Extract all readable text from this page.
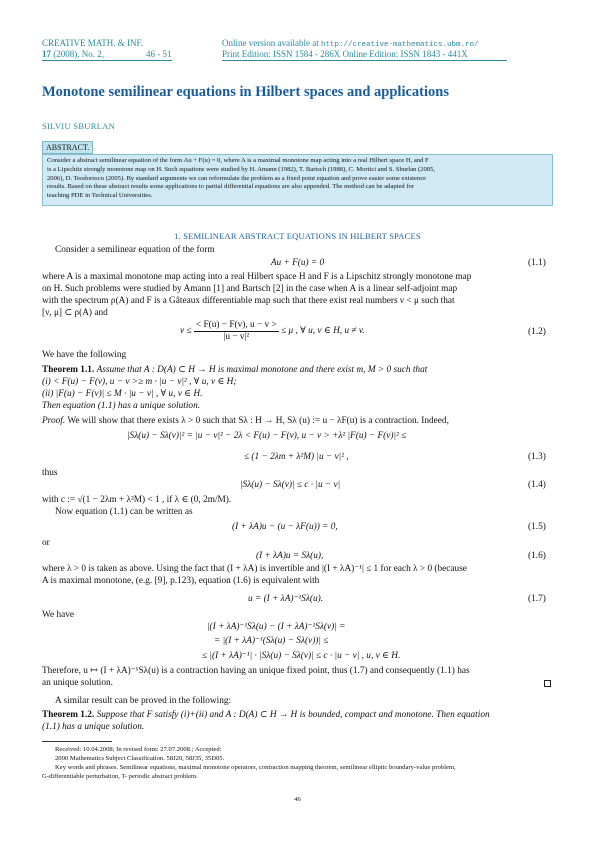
CREATIVE MATH. & INF.
17 (2008), No. 2,	46 - 51
Online version available at http://creative-mathematics.ubm.ro/
Print Edition: ISSN 1584 - 286X Online Edition: ISSN 1843 - 441X
Monotone semilinear equations in Hilbert spaces and applications
SILVIU SBURLAN
ABSTRACT.
Consider a abstract semilinear equation of the form Au + F(u) = 0, where A is a maximal monotone map acting into a real Hilbert space H, and F
is a Lipschitz strongly monotone map on H. Such equations were studied by H. Amann (1982), T. Bartsch (1988), C. Mortici and S. Sburlan (2005,
2006), D. Teodorescu (2005). By standard arguments we can reformulate the problem as a fixed point equation and prove easier some existence
results. Based on these abstract results some applications to partial differential equations are also appended. The method can be adapted for
teaching PDE in Technical Universities.
1. SEMILINEAR ABSTRACT EQUATIONS IN HILBERT SPACES
Consider a semilinear equation of the form
Au + F(u) = 0	(1.1)
where A is a maximal monotone map acting into a real Hilbert space H and F is a Lipschitz strongly monotone map
on H. Such problems were studied by Amann [1] and Bartsch [2] in the case when A is a linear self-adjoint map
with the spectrum ρ(A) and F is a Gâteaux differentiable map such that there exist real numbers ν < μ such that
[ν, μ] ⊂ ρ(A) and
$\nu \le \frac{< F(u) - F(v), u - v >}{\text{|u − v|²}} \le \mu$ , ∀ u, v ∈ H, u ≠ v.	(1.2)
We have the following
Theorem 1.1. Assume that A : D(A) ⊂ H → H is maximal monotone and there exist m, M > 0 such that
(i) < F(u) − F(v), u − v >≥ m · |u − v|² , ∀ u, v ∈ H;
(ii) |F(u) − F(v)| ≤ M · |u − v| , ∀ u, v ∈ H.
Then equation (1.1) has a unique solution.
Proof. We will show that there exists λ > 0 such that Sλ : H → H, Sλ (u) := u − λF(u) is a contraction. Indeed,
|Sλ(u) − Sλ(v)|² = |u − v|² − 2λ < F(u) − F(v), u − v > +λ² |F(u) − F(v)|² ≤
≤ (1 − 2λm + λ²M) |u − v|² ,	(1.3)
thus
|Sλ(u) − Sλ(v)| ≤ c · |u − v|	(1.4)
with c := √(1 − 2λm + λ²M) < 1 , if λ ∈ (0, 2m/M).
Now equation (1.1) can be written as
(I + λA)u − (u − λF(u)) = 0,	(1.5)
or
(I + λA)u = Sλ(u),	(1.6)
where λ > 0 is taken as above. Using the fact that (I + λA) is invertible and |(I + λA)⁻¹| ≤ 1 for each λ > 0 (because
A is maximal monotone, (e.g. [9], p.123), equation (1.6) is equivalent with
u = (I + λA)⁻¹Sλ(u).	(1.7)
We have
|(I + λA)⁻¹Sλ(u) − (I + λA)⁻¹Sλ(v)| =
= |(I + λA)⁻¹(Sλ(u) − Sλ(v))| ≤
≤ |(I + λA)⁻¹| · |Sλ(u) − Sλ(v)| ≤ c · |u − v| , u, v ∈ H.
Therefore, u ↦ (I + λA)⁻¹Sλ(u) is a contraction having an unique fixed point, thus (1.7) and consequently (1.1) has
an unique solution.
A similar result can be proved in the following:
Theorem 1.2. Suppose that F satisfy (i)+(ii) and A : D(A) ⊂ H → H is bounded, compact and monotone. Then equation
(1.1) has a unique solution.
Received: 10.04.2008; In revised form: 27.07.2008.; Accepted:
2000 Mathematics Subject Classification. 58J20, 58J35, 35D05.
Key words and phrases. Semilinear equations, maximal monotone operators, contraction mapping theorem, semilinear elliptic boundary-value problem,
G-differentiable perturbation, T- periodic abstract problem.
46
